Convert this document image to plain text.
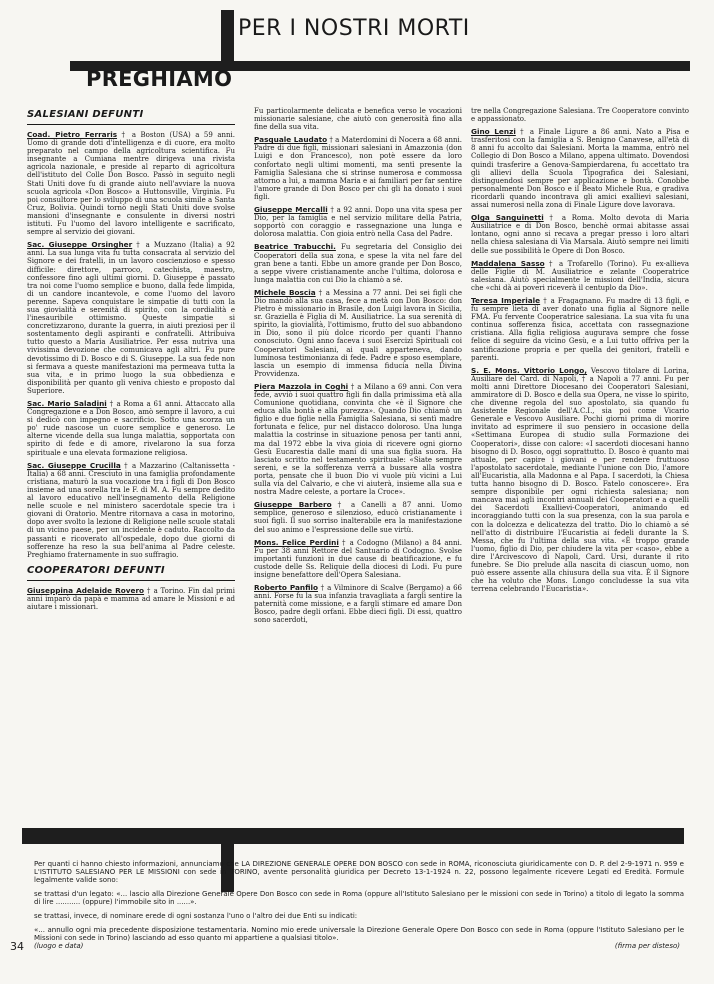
PER I NOSTRI MORTI
PREGHIAMO
SALESIANI DEFUNTI
Coad. Pietro Ferraris † a Boston (USA) a 59 anni. Uomo di grande doti d'intelligenza e di cuore, era molto preparato nel campo della agricoltura scientifica. Fu insegnante a Cumiana mentre dirigeva una rivista agricola nazionale, e preside al reparto di agricoltura dell'istituto del Colle Don Bosco. Passò in seguito negli Stati Uniti dove fu di grande aiuto nell'avviare la nuova scuola agricola «Don Bosco» a Huttonsville, Virginia. Fu poi consultore per lo sviluppo di una scuola simile a Santa Cruz, Bolivia. Quindi tornò negli Stati Uniti dove svolse mansioni d'insegnante e consulente in diversi nostri istituti. Fu l'uomo del lavoro intelligente e sacrificato, sempre al servizio dei giovani.
Sac. Giuseppe Orsingher † a Muzzano (Italia) a 92 anni. La sua lunga vita fu tutta consacrata al servizio del Signore e dei fratelli, in un lavoro coscienzioso e spesso difficile: direttore, parroco, catechista, maestro, confessore fino agli ultimi giorni. D. Giuseppe è passato tra noi come l'uomo semplice e buono, dalla fede limpida, di un candore incantevole, e come l'uomo del lavoro perenne. Sapeva conquistare le simpatie di tutti con la sua giovialità e serenità di spirito, con la cordialità e l'inesauribile ottimismo. Queste simpatie si concretizzarono, durante la guerra, in aiuti preziosi per il sostentamento degli aspiranti e confratelli. Attribuiva tutto questo a Maria Ausiliatrice. Per essa nutriva una vivissima devozione che comunicava agli altri. Fu pure devotissimo di D. Bosco e di S. Giuseppe. La sua fede non si fermava a queste manifestazioni ma permeava tutta la sua vita, e in primo luogo la sua obbedienza e disponibilità per quanto gli veniva chiesto e proposto dal Superiore.
Sac. Mario Saladini † a Roma a 61 anni. Attaccato alla Congregazione e a Don Bosco, amò sempre il lavoro, a cui si dedicò con impegno e sacrificio. Sotto una scorza un po' rude nascose un cuore semplice e generoso. Le alterne vicende della sua lunga malattia, sopportata con spirito di fede e di amore, rivelarono la sua forza spirituale e una elevata formazione religiosa.
Sac. Giuseppe Crucilla † a Mazzarino (Caltanissetta - Italia) a 68 anni. Cresciuto in una famiglia profondamente cristiana, maturò la sua vocazione tra i figli di Don Bosco insieme ad una sorella tra le F. di M. A. Fu sempre dedito al lavoro educativo nell'insegnamento della Religione nelle scuole e nel ministero sacerdotale specie tra i giovani di Oratorio. Mentre ritornava a casa in motorino, dopo aver svolto la lezione di Religione nelle scuole statali di un vicino paese, per un incidente è caduto. Raccolto da passanti e ricoverato all'ospedale, dopo due giorni di sofferenze ha reso la sua bell'anima al Padre celeste. Preghiamo fraternamente in suo suffragio.
COOPERATORI DEFUNTI
Giuseppina Adelaide Rovero † a Torino. Fin dal primi anni imparò da papà e mamma ad amare le Missioni e ad aiutare i missionari.
Fu particolarmente delicata e benefica verso le vocazioni missionarie salesiane, che aiutò con generosità fino alla fine della sua vita.
Pasquale Laudato † a Materdomini di Nocera a 68 anni. Padre di due figli, missionari salesiani in Amazzonia (don Luigi e don Francesco), non potè essere da loro confortato negli ultimi momenti, ma sentì presente la Famiglia Salesiana che si strinse numerosa e commossa attorno a lui, a mamma Maria e ai familiari per far sentire l'amore grande di Don Bosco per chi gli ha donato i suoi figli.
Giuseppe Mercalli † a 92 anni. Dopo una vita spesa per Dio, per la famiglia e nel servizio militare della Patria, sopportò con coraggio e rassegnazione una lunga e dolorosa malattia. Con gioia entrò nella Casa del Padre.
Beatrice Trabucchi. Fu segretaria del Consiglio dei Cooperatori della sua zona, e spese la vita nel fare del gran bene a tanti. Ebbe un amore grande per Don Bosco, a seppe vivere cristianamente anche l'ultima, dolorosa e lunga malattia con cui Dio la chiamò a sé.
Michele Boscia † a Messina a 77 anni. Dei sei figli che Dio mandò alla sua casa, fece a metà con Don Bosco: don Pietro è missionario in Brasile, don Luigi lavora in Sicilia, sr. Graziella è Figlia di M. Ausiliatrice. La sua serenità di spirito, la giovialità, l'ottimismo, frutto del suo abbandono in Dio, sono il più dolce ricordo per quanti l'hanno conosciuto. Ogni anno faceva i suoi Esercizi Spirituali coi Cooperatori Salesiani, ai quali apparteneva, dando luminosa testimonianza di fede. Padre e sposo esemplare, lascia un esempio di immensa fiducia nella Divina Provvidenza.
Piera Mazzola in Coghi † a Milano a 69 anni. Con vera fede, avviò i suoi quattro figli fin dalla primissima età alla Comunione quotidiana, convinta che «è il Signore che educa alla bontà e alla purezza». Quando Dio chiamò un figlio e due figlie nella Famiglia Salesiana, si sentì madre fortunata e felice, pur nel distacco doloroso. Una lunga malattia la costrinse in situazione penosa per tanti anni, ma dal 1972 ebbe la viva gioia di ricevere ogni giorno Gesù Eucarestia dalle mani di una sua figlia suora. Ha lasciato scritto nel testamento spirituale: «Siate sempre sereni, e se la sofferenza verrà a bussare alla vostra porta, pensate che il buon Dio vi vuole più vicini a Lui sulla via del Calvario, e che vi aiuterà, insieme alla sua e nostra Madre celeste, a portare la Croce».
Giuseppe Barbero † a Canelli a 87 anni. Uomo semplice, generoso e silenzioso, educò cristianamente i suoi figli. Il suo sorriso inalterabile era la manifestazione del suo animo e l'espressione delle sue virtù.
Mons. Felice Perdini † a Codogno (Milano) a 84 anni. Fu per 38 anni Rettore del Santuario di Codogno. Svolse importanti funzioni in due cause di beatificazione, e fu custode delle Ss. Reliquie della diocesi di Lodi. Fu pure insigne benefattore dell'Opera Salesiana.
Roberto Panfilo † a Vilminore di Scalve (Bergamo) a 66 anni. Forse fu la sua infanzia travagliata a fargli sentire la paternità come missione, e a fargli stimare ed amare Don Bosco, padre degli orfani. Ebbe dieci figli. Di essi, quattro sono sacerdoti,
tre nella Congregazione Salesiana. Tre Cooperatore convinto e appassionato.
Gino Lenzi † a Finale Ligure a 86 anni. Nato a Pisa e trasferitosi con la famiglia a S. Benigno Canavese, all'età di 8 anni fu accolto dai Salesiani. Morta la mamma, entrò nel Collegio di Don Bosco a Milano, appena ultimato. Dovendosi quindi trasferire a Genova-Sampierdarena, fu accettato tra gli allievi della Scuola Tipografica dei Salesiani, distinguendosi sempre per applicazione e bontà. Conobbe personalmente Don Bosco e il Beato Michele Rua, e gradiva ricordarli quando incontrava gli amici exallievi salesiani, assai numerosi nella zona di Finale Ligure dove lavorava.
Olga Sanguinetti † a Roma. Molto devota di Maria Ausiliatrice e di Don Bosco, benchè ormai abitasse assai lontano, ogni anno si recava a pregar presso i loro altari nella chiesa salesiana di Via Marsala. Aiutò sempre nei limiti delle sue possibilità le Opere di Don Bosco.
Maddalena Sasso † a Trofarello (Torino). Fu ex-allieva delle Figlie di M. Ausiliatrice e zelante Cooperatrice salesiana. Aiutò specialmente le missioni dell'India, sicura che «chi dà ai poveri riceverà il centuplo da Dio».
Teresa Imperiale † a Fragagnano. Fu madre di 13 figli, e fu sempre lieta di aver donato una figlia al Signore nelle FMA. Fu fervente Cooperatrice salesiana. La sua vita fu una continua sofferenza fisica, accettata con rassegnazione cristiana. Alla figlia religiosa augurava sempre che fosse felice di seguire da vicino Gesù, e a Lui tutto offriva per la santificazione propria e per quella dei genitori, fratelli e parenti.
S. E. Mons. Vittorio Longo, Vescovo titolare di Lorina, Ausiliare del Card. di Napoli, † a Napoli a 77 anni. Fu per molti anni Direttore Diocesano dei Cooperatori Salesiani, ammiratore di D. Bosco e della sua Opera, ne visse lo spirito, che divenne regola del suo apostolato, sia quando fu Assistente Regionale dell'A.C.I., sia poi come Vicario Generale e Vescovo Ausiliare. Pochi giorni prima di morire invitato ad esprimere il suo pensiero in occasione della «Settimana Europea di studio sulla Formazione dei Cooperatori», disse con calore: «I sacerdoti diocesani hanno bisogno di D. Bosco, oggi soprattutto. D. Bosco è quanto mai attuale, per capire i giovani e per rendere fruttuoso l'apostolato sacerdotale, mediante l'unione con Dio, l'amore all'Eucaristia, alla Madonna e al Papa. I sacerdoti, la Chiesa tutta hanno bisogno di D. Bosco. Fatelo conoscere». Era sempre disponibile per ogni richiesta salesiana; non mancava mai agli incontri annuali dei Cooperatori e a quelli dei Sacerdoti Exallievi-Cooperatori, animando ed incoraggiando tutti con la sua presenza, con la sua parola e con la dolcezza e delicatezza del tratto. Dio lo chiamò a sé nell'atto di distribuire l'Eucaristia ai fedeli durante la S. Messa, che fu l'ultima della sua vita. «È troppo grande l'uomo, figlio di Dio, per chiudere la vita per «caso», ebbe a dire l'Arcivescovo di Napoli, Card. Ursi, durante il rito funebre. Se Dio prelude alla nascita di ciascun uomo, non può essere assente alla chiusura della sua vita. È il Signore che ha voluto che Mons. Longo concludesse la sua vita terrena celebrando l'Eucaristia».

Per quanti ci hanno chiesto informazioni, annunciamo che LA DIREZIONE GENERALE OPERE DON BOSCO con sede in ROMA, riconosciuta giuridicamente con D. P. del 2-9-1971 n. 959 e L'ISTITUTO SALESIANO PER LE MISSIONI con sede in TORINO, avente personalità giuridica per Decreto 13-1-1924 n. 22, possono legalmente ricevere Legati ed Eredità. Formule legalmente valide sono:

se trattasi d'un legato: «... lascio alla Direzione Generale Opere Don Bosco con sede in Roma (oppure all'Istituto Salesiano per le missioni con sede in Torino) a titolo di legato la somma di lire ........... (oppure) l'immobile sito in ......».

se trattasi, invece, di nominare erede di ogni sostanza l'uno o l'altro dei due Enti su indicati:

«... annullo ogni mia precedente disposizione testamentaria. Nomino mio erede universale la Direzione Generale Opere Don Bosco con sede in Roma (oppure l'Istituto Salesiano per le Missioni con sede in Torino) lasciando ad esso quanto mi appartiene a qualsiasi titolo».

34 (luogo e data)	(firma per disteso)
